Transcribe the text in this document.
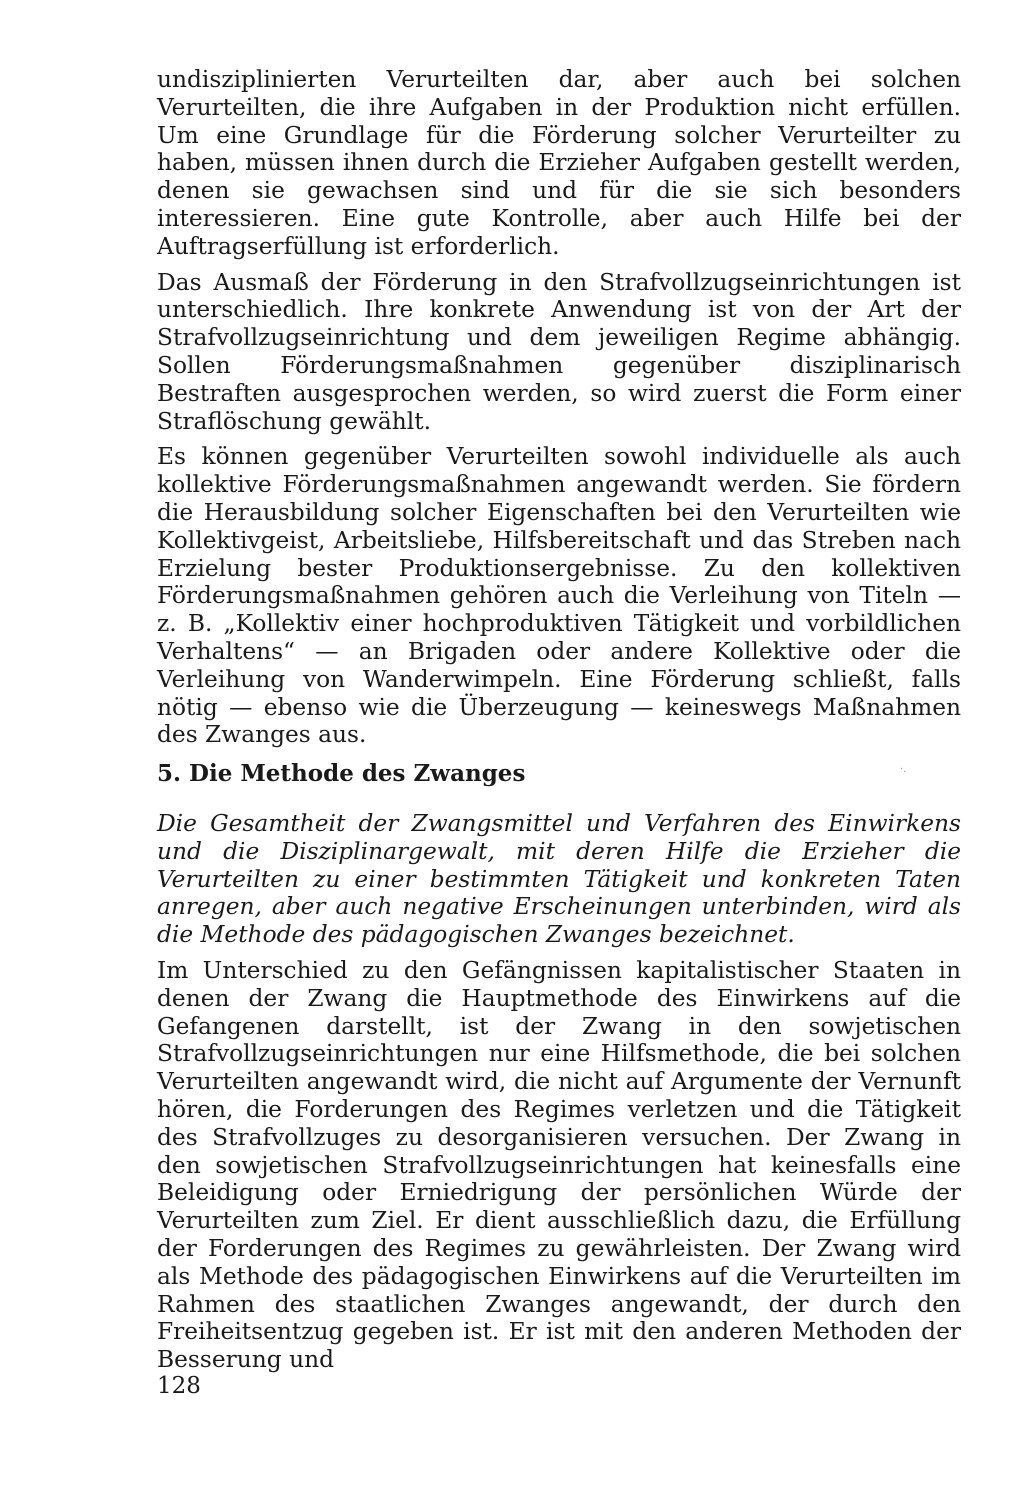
undisziplinierten Verurteilten dar, aber auch bei solchen Verurteilten, die ihre Aufgaben in der Produktion nicht erfüllen. Um eine Grundlage für die Förderung solcher Verurteilter zu haben, müssen ihnen durch die Erzieher Aufgaben gestellt werden, denen sie gewachsen sind und für die sie sich besonders interessieren. Eine gute Kontrolle, aber auch Hilfe bei der Auftragserfüllung ist erforderlich.

Das Ausmaß der Förderung in den Strafvollzugseinrichtungen ist unterschiedlich. Ihre konkrete Anwendung ist von der Art der Strafvollzugseinrichtung und dem jeweiligen Regime abhängig. Sollen Förderungsmaßnahmen gegenüber disziplinarisch Bestraften ausgesprochen werden, so wird zuerst die Form einer Straflöschung gewählt.

Es können gegenüber Verurteilten sowohl individuelle als auch kollektive Förderungsmaßnahmen angewandt werden. Sie fördern die Herausbildung solcher Eigenschaften bei den Verurteilten wie Kollektivgeist, Arbeitsliebe, Hilfsbereitschaft und das Streben nach Erzielung bester Produktionsergebnisse. Zu den kollektiven Förderungsmaßnahmen gehören auch die Verleihung von Titeln — z. B. „Kollektiv einer hochproduktiven Tätigkeit und vorbildlichen Verhaltens“ — an Brigaden oder andere Kollektive oder die Verleihung von Wanderwimpeln. Eine Förderung schließt, falls nötig — ebenso wie die Überzeugung — keineswegs Maßnahmen des Zwanges aus.

·.
5. Die Methode des Zwanges

Die Gesamtheit der Zwangsmittel und Verfahren des Einwirkens und die Disziplinargewalt, mit deren Hilfe die Erzieher die Verurteilten zu einer bestimmten Tätigkeit und konkreten Taten anregen, aber auch negative Erscheinungen unterbinden, wird als die Methode des pädagogischen Zwanges bezeichnet.

Im Unterschied zu den Gefängnissen kapitalistischer Staaten in denen der Zwang die Hauptmethode des Einwirkens auf die Gefangenen darstellt, ist der Zwang in den sowjetischen Strafvollzugseinrichtungen nur eine Hilfsmethode, die bei solchen Verurteilten angewandt wird, die nicht auf Argumente der Vernunft hören, die Forderungen des Regimes verletzen und die Tätigkeit des Strafvollzuges zu desorganisieren versuchen. Der Zwang in den sowjetischen Strafvollzugseinrichtungen hat keinesfalls eine Beleidigung oder Erniedrigung der persönlichen Würde der Verurteilten zum Ziel. Er dient ausschließlich dazu, die Erfüllung der Forderungen des Regimes zu gewährleisten. Der Zwang wird als Methode des pädagogischen Einwirkens auf die Verurteilten im Rahmen des staatlichen Zwanges angewandt, der durch den Freiheitsentzug gegeben ist. Er ist mit den anderen Methoden der Besserung und

128
